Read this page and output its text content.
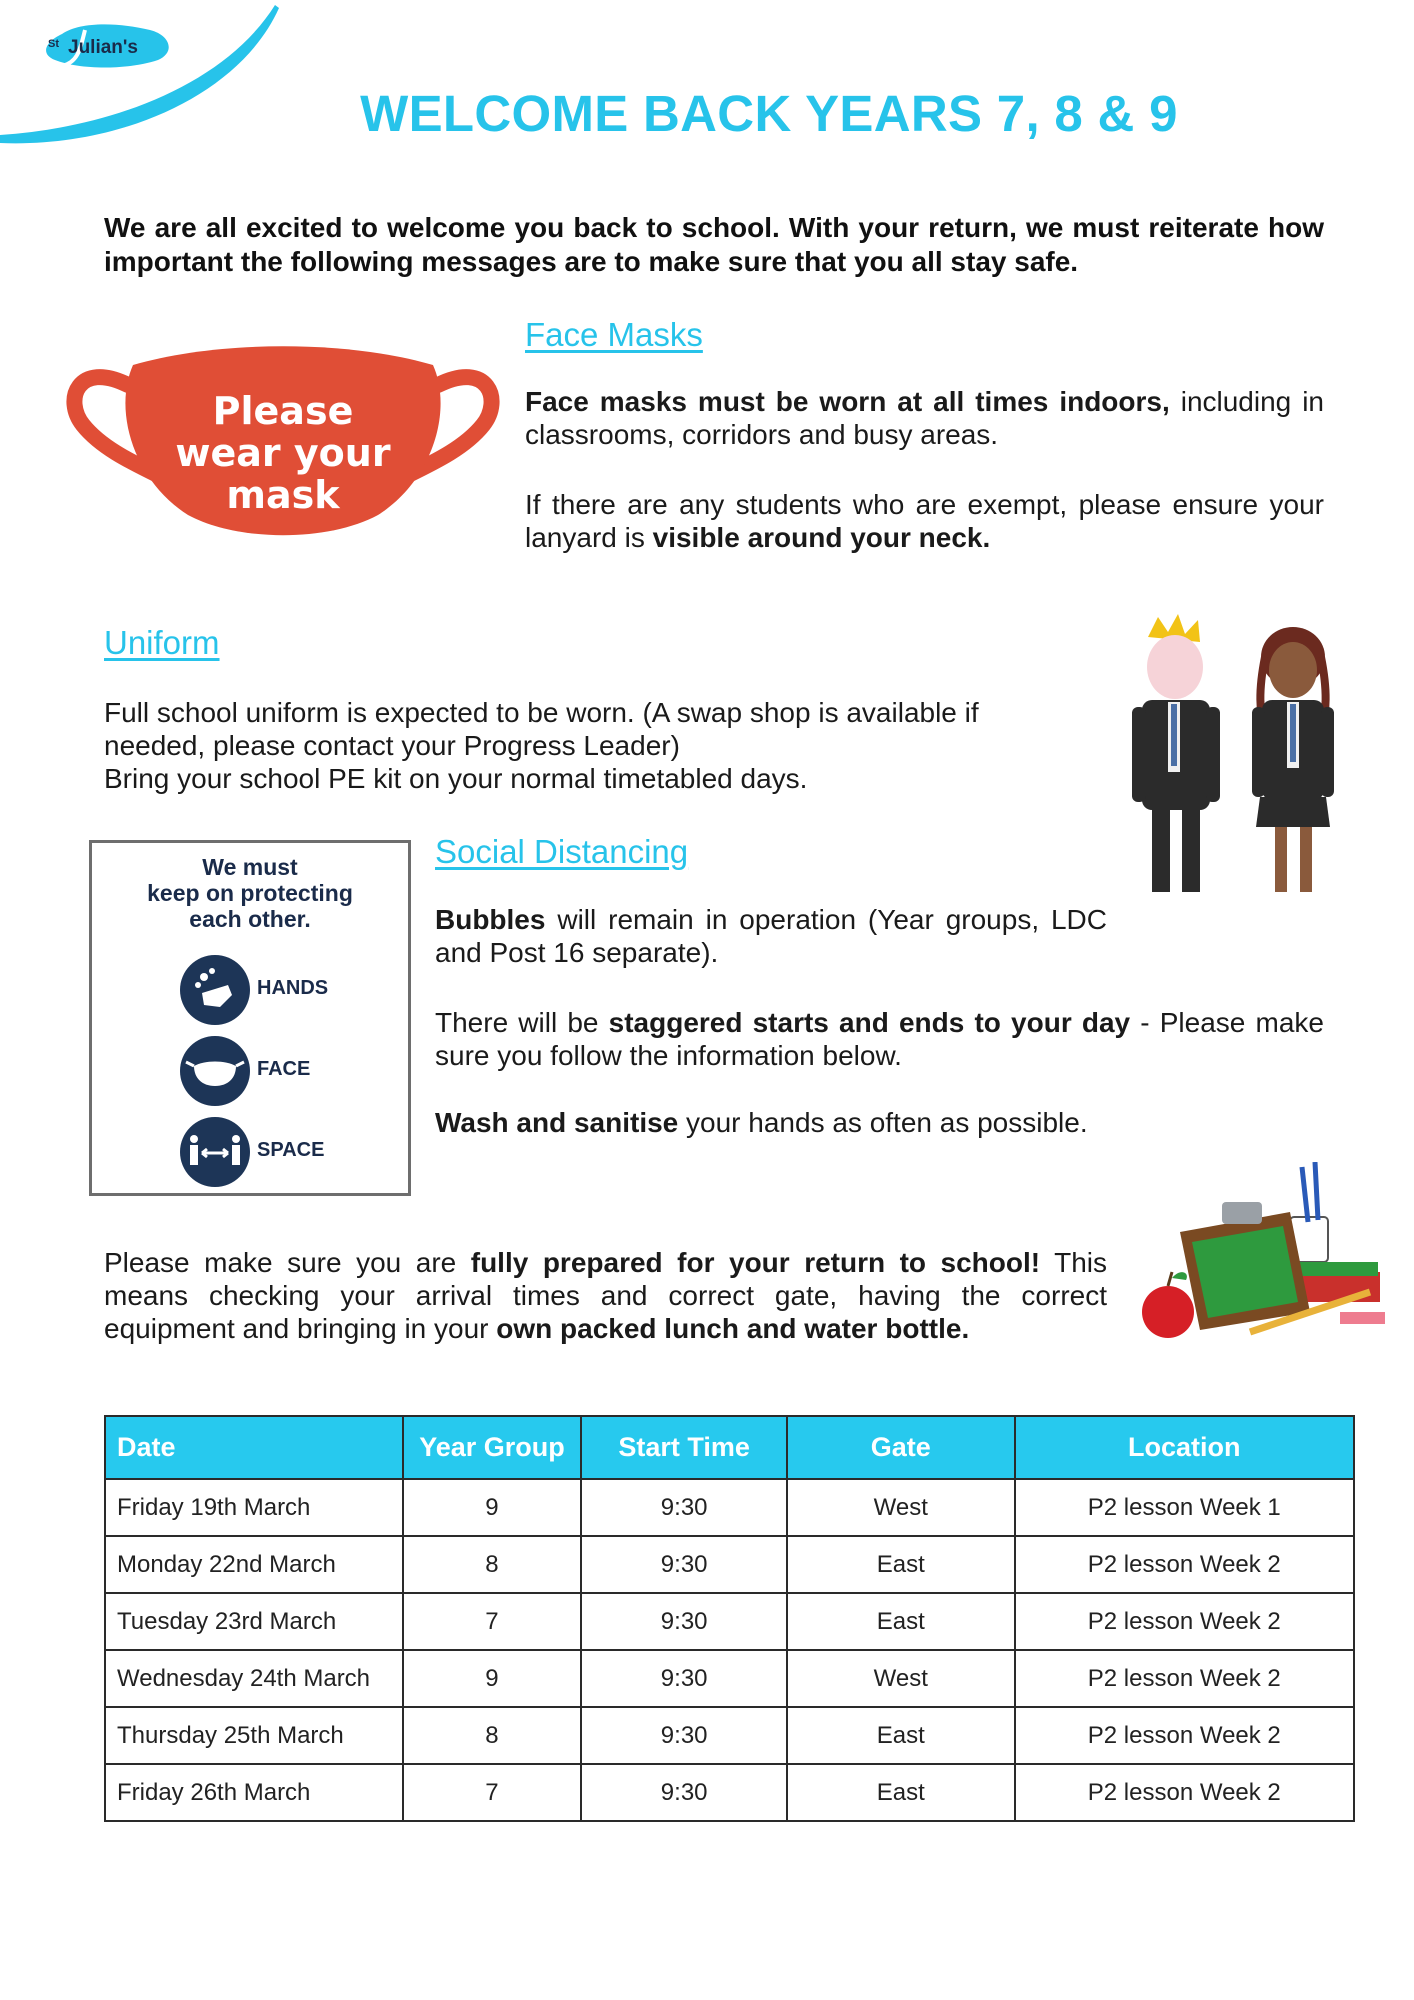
St Julian's
WELCOME BACK YEARS 7, 8 & 9
We are all excited to welcome you back to school. With your return, we must reiterate how important the following messages are to make sure that you all stay safe.
Please
wear your
mask
Face Masks

Face masks must be worn at all times indoors, including in classrooms, corridors and busy areas.

If there are any students who are exempt, please ensure your lanyard is visible around your neck.

Uniform

Full school uniform is expected to be worn. (A swap shop is available if needed, please contact your Progress Leader)

Bring your school PE kit on your normal timetabled days.

We must
keep on protecting
each other.
HANDS
FACE
SPACE
Social Distancing

Bubbles will remain in operation (Year groups, LDC and Post 16 separate).

There will be staggered starts and ends to your day - Please make sure you follow the information below.

Wash and sanitise your hands as often as possible.

Please make sure you are fully prepared for your return to school! This means checking your arrival times and correct gate, having the correct equipment and bringing in your own packed lunch and water bottle.

Date	Year Group	Start Time	Gate	Location
Friday 19th March	9	9:30	West	P2 lesson Week 1
Monday 22nd March	8	9:30	East	P2 lesson Week 2
Tuesday 23rd March	7	9:30	East	P2 lesson Week 2
Wednesday 24th March	9	9:30	West	P2 lesson Week 2
Thursday 25th March	8	9:30	East	P2 lesson Week 2
Friday 26th March	7	9:30	East	P2 lesson Week 2
